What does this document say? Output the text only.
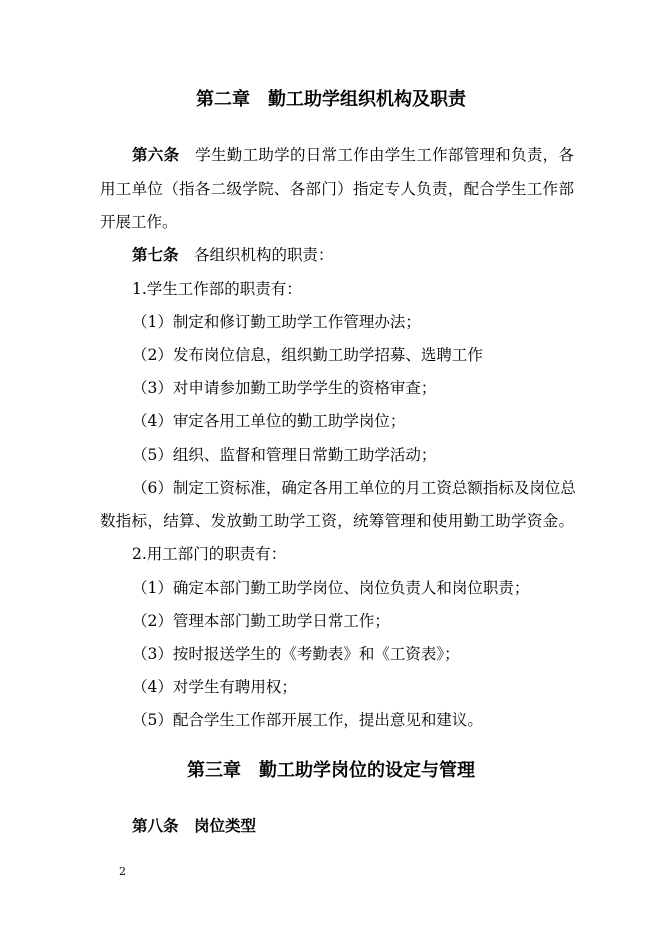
第二章　勤工助学组织机构及职责
第六条　学生勤工助学的日常工作由学生工作部管理和负责，各
用工单位（指各二级学院、各部门）指定专人负责，配合学生工作部
开展工作。
第七条　各组织机构的职责：
1.学生工作部的职责有：
（1）制定和修订勤工助学工作管理办法；
（2）发布岗位信息，组织勤工助学招募、选聘工作
（3）对申请参加勤工助学学生的资格审查；
（4）审定各用工单位的勤工助学岗位；
（5）组织、监督和管理日常勤工助学活动；
（6）制定工资标准，确定各用工单位的月工资总额指标及岗位总
数指标，结算、发放勤工助学工资，统筹管理和使用勤工助学资金。
2.用工部门的职责有：
（1）确定本部门勤工助学岗位、岗位负责人和岗位职责；
（2）管理本部门勤工助学日常工作；
（3）按时报送学生的《考勤表》和《工资表》；
（4）对学生有聘用权；
（5）配合学生工作部开展工作，提出意见和建议。
第三章　勤工助学岗位的设定与管理
第八条　岗位类型
2
